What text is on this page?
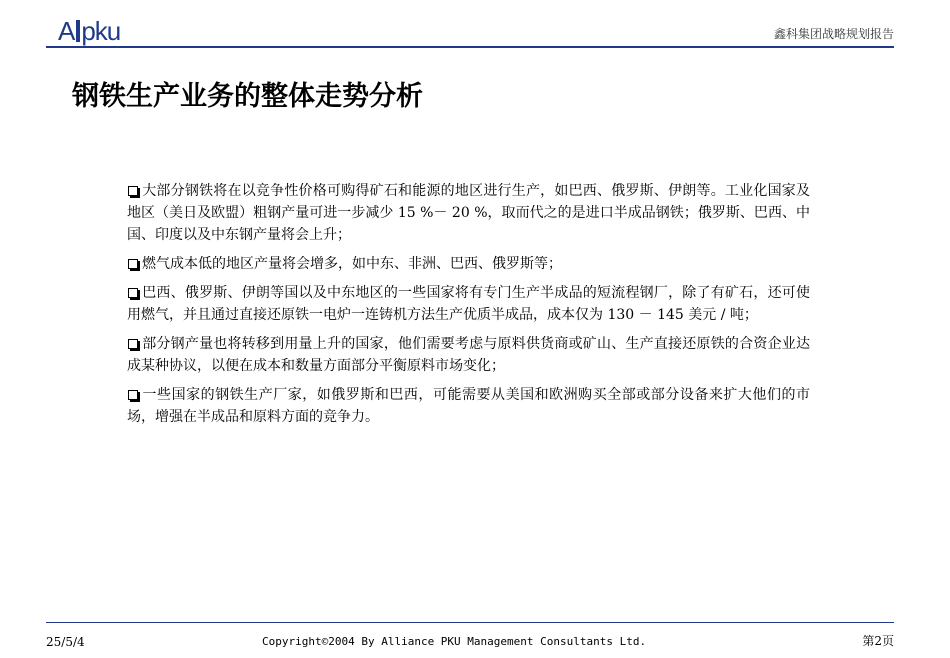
A pku	鑫科集团战略规划报告
钢铁生产业务的整体走势分析
大部分钢铁将在以竞争性价格可购得矿石和能源的地区进行生产，如巴西、俄罗斯、伊朗等。工业化国家及地区（美日及欧盟）粗钢产量可进一步减少 15 %－ 20 %，取而代之的是进口半成品钢铁；俄罗斯、巴西、中国、印度以及中东钢产量将会上升；
燃气成本低的地区产量将会增多，如中东、非洲、巴西、俄罗斯等；
巴西、俄罗斯、伊朗等国以及中东地区的一些国家将有专门生产半成品的短流程钢厂，除了有矿石，还可使用燃气，并且通过直接还原铁一电炉一连铸机方法生产优质半成品，成本仅为 130 － 145 美元 / 吨；
部分钢产量也将转移到用量上升的国家，他们需要考虑与原料供货商或矿山、生产直接还原铁的合资企业达成某种协议，以便在成本和数量方面部分平衡原料市场变化；
一些国家的钢铁生产厂家，如俄罗斯和巴西，可能需要从美国和欧洲购买全部或部分设备来扩大他们的市场，增强在半成品和原料方面的竞争力。
25/5/4	Copyright©2004 By Alliance PKU Management Consultants Ltd.	第2页
